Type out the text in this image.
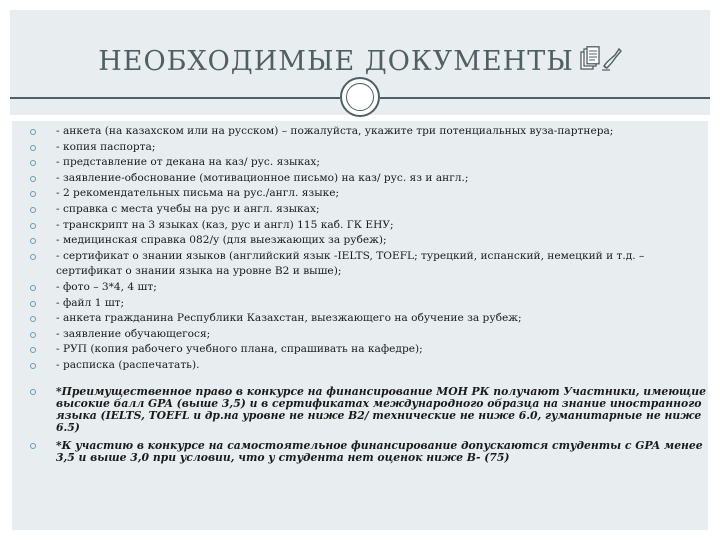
НЕОБХОДИМЫЕ ДОКУМЕНТЫ
- анкета (на казахском или на русском) – пожалуйста, укажите три потенциальных вуза-партнера;
- копия паспорта;
- представление от декана на каз/ рус. языках;
- заявление-обоснование (мотивационное письмо) на каз/ рус. яз и англ.;
- 2 рекомендательных письма на рус./англ. языке;
- справка с места учебы на рус и англ. языках;
- транскрипт на 3 языках (каз, рус и англ) 115 каб. ГК ЕНУ;
- медицинская справка 082/у (для выезжающих за рубеж);
- сертификат о знании языков (английский язык -IELTS, TOEFL; турецкий, испанский, немецкий и т.д. – сертификат о знании языка на уровне В2 и выше);
- фото – 3*4, 4 шт;
- файл 1 шт;
- анкета гражданина Республики Казахстан, выезжающего на обучение за рубеж;
- заявление обучающегося;
- РУП (копия рабочего учебного плана, спрашивать на кафедре);
- расписка (распечатать).
*Преимущественное право в конкурсе на финансирование МОН РК получают Участники, имеющие высокие балл GPA (выше 3,5) и в сертификатах международного образца на знание иностранного языка (IELTS, TOEFL и др.на уровне не ниже B2/ технические не ниже 6.0, гуманитарные не ниже 6.5)
*К участию в конкурсе на самостоятельное финансирование допускаются студенты с GPA менее 3,5 и выше 3,0 при условии, что у студента нет оценок ниже B- (75)
